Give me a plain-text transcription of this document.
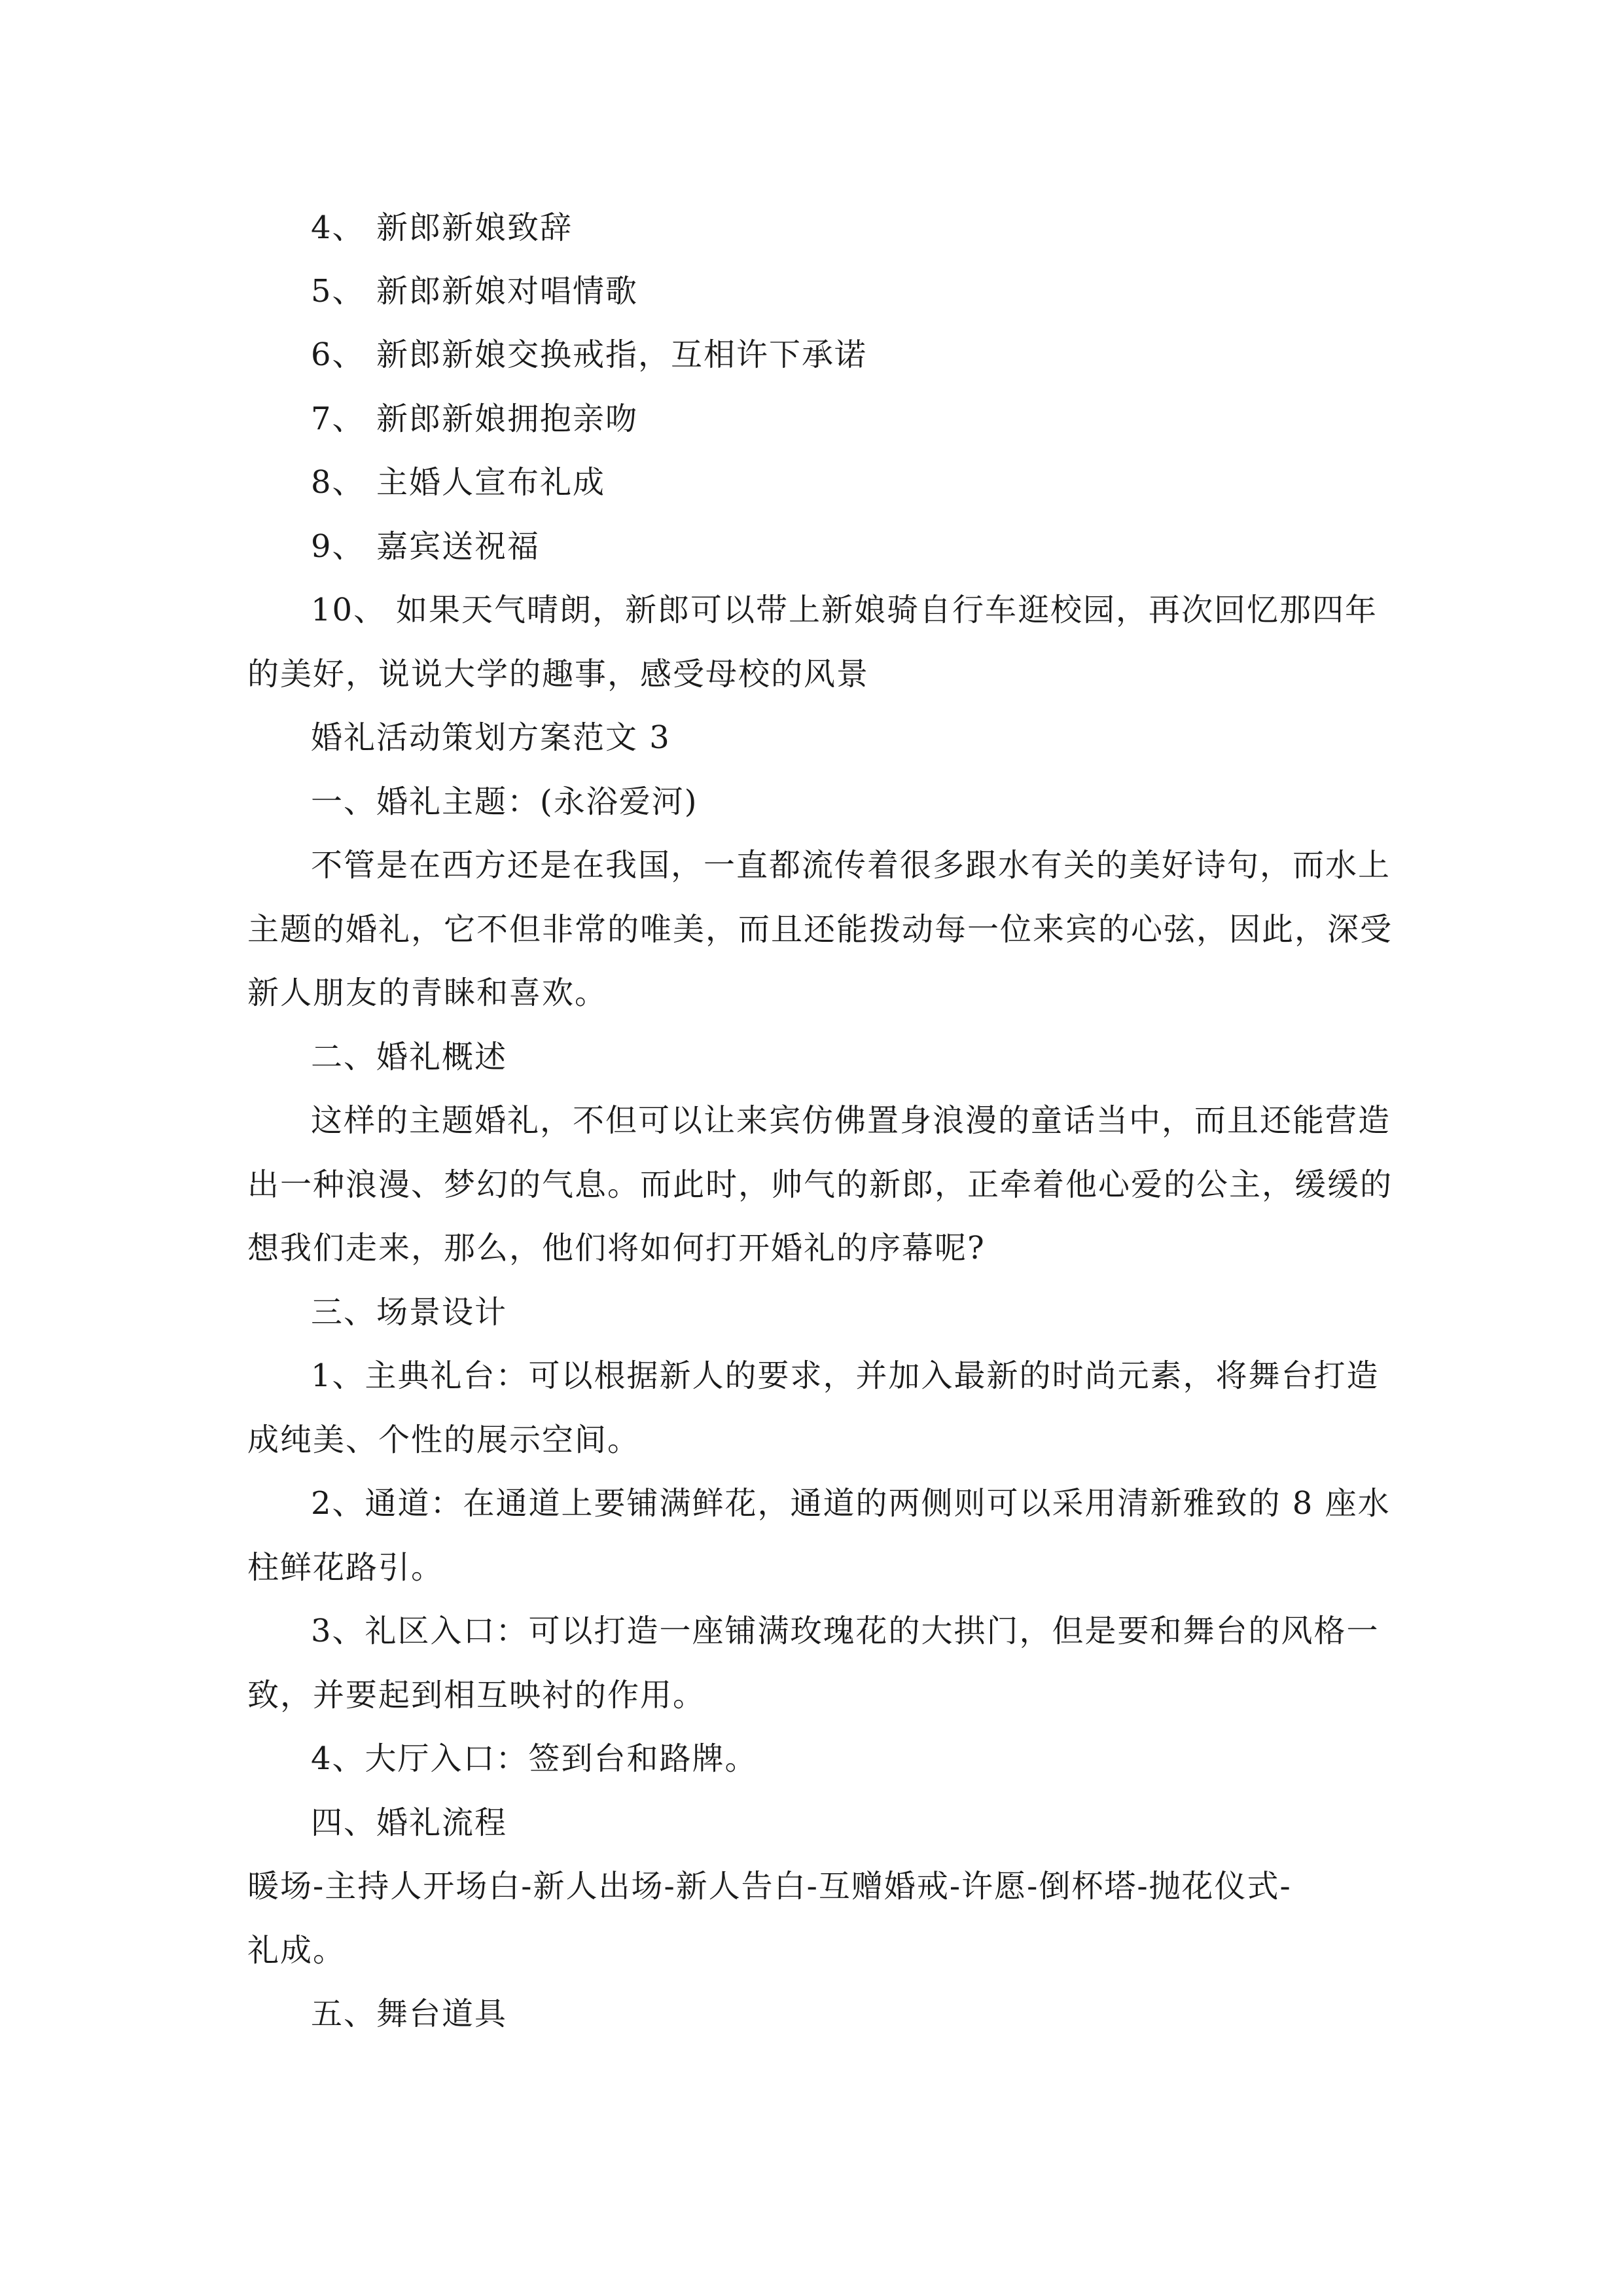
4、 新郎新娘致辞
5、 新郎新娘对唱情歌
6、 新郎新娘交换戒指，互相许下承诺
7、 新郎新娘拥抱亲吻
8、 主婚人宣布礼成
9、 嘉宾送祝福
10、 如果天气晴朗，新郎可以带上新娘骑自行车逛校园，再次回忆那四年
的美好，说说大学的趣事，感受母校的风景
婚礼活动策划方案范文 3
一、婚礼主题：(永浴爱河)
不管是在西方还是在我国，一直都流传着很多跟水有关的美好诗句，而水上
主题的婚礼，它不但非常的唯美，而且还能拨动每一位来宾的心弦，因此，深受
新人朋友的青睐和喜欢。
二、婚礼概述
这样的主题婚礼，不但可以让来宾仿佛置身浪漫的童话当中，而且还能营造
出一种浪漫、梦幻的气息。而此时，帅气的新郎，正牵着他心爱的公主，缓缓的
想我们走来，那么，他们将如何打开婚礼的序幕呢?
三、场景设计
1、主典礼台：可以根据新人的要求，并加入最新的时尚元素，将舞台打造
成纯美、个性的展示空间。
2、通道：在通道上要铺满鲜花，通道的两侧则可以采用清新雅致的 8 座水
柱鲜花路引。
3、礼区入口：可以打造一座铺满玫瑰花的大拱门，但是要和舞台的风格一
致，并要起到相互映衬的作用。
4、大厅入口：签到台和路牌。
四、婚礼流程
暖场-主持人开场白-新人出场-新人告白-互赠婚戒-许愿-倒杯塔-抛花仪式-
礼成。
五、舞台道具
